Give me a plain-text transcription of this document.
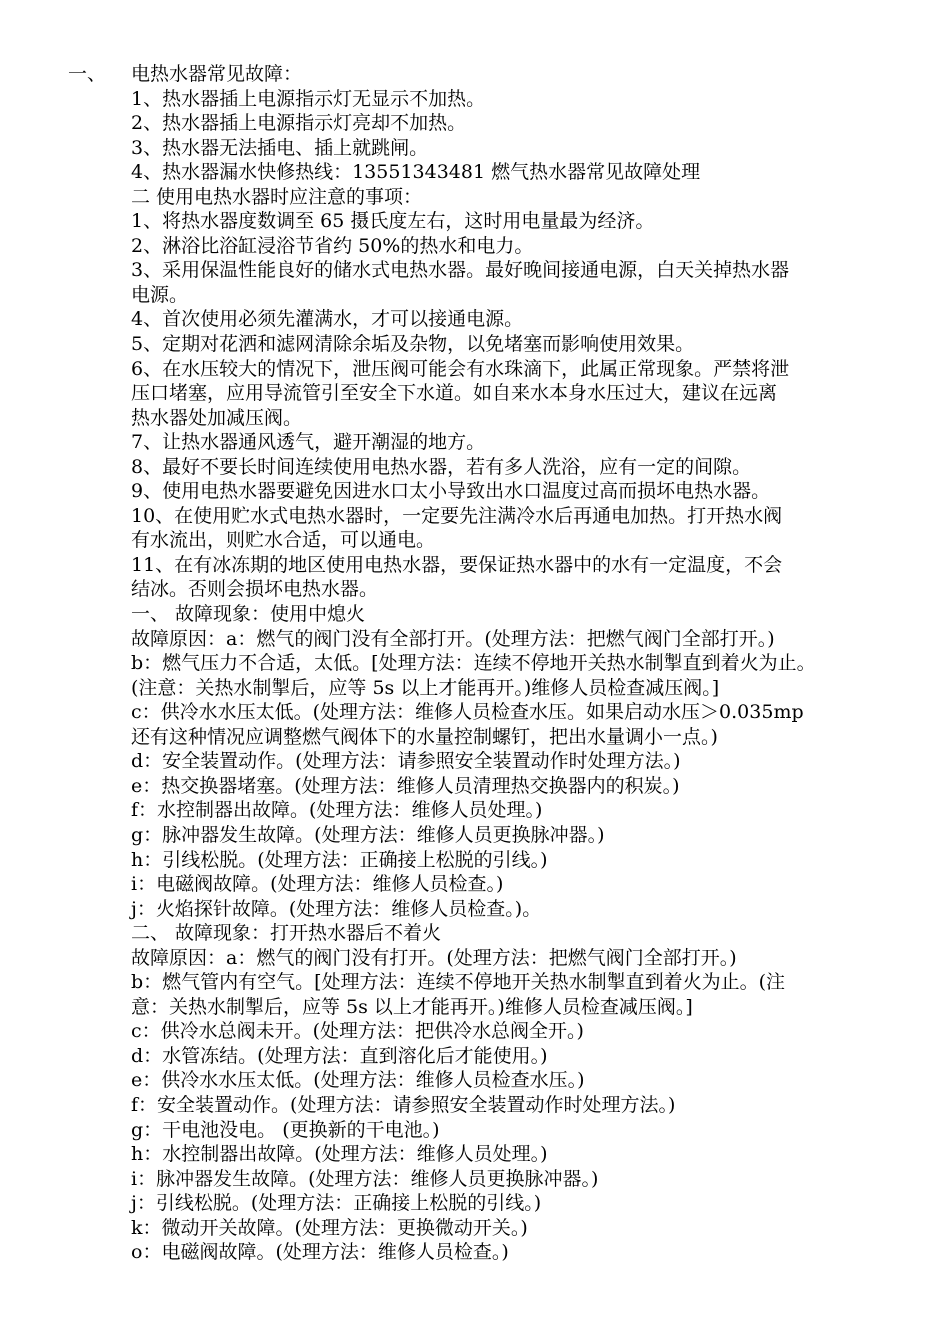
一、 电热水器常见故障：
1、热水器插上电源指示灯无显示不加热。
2、热水器插上电源指示灯亮却不加热。
3、热水器无法插电、插上就跳闸。
4、热水器漏水快修热线：13551343481 燃气热水器常见故障处理
二 使用电热水器时应注意的事项：
1、将热水器度数调至 65 摄氏度左右，这时用电量最为经济。
2、淋浴比浴缸浸浴节省约 50%的热水和电力。
3、采用保温性能良好的储水式电热水器。最好晚间接通电源，白天关掉热水器
电源。
4、首次使用必须先灌满水，才可以接通电源。
5、定期对花洒和滤网清除余垢及杂物，以免堵塞而影响使用效果。
6、在水压较大的情况下，泄压阀可能会有水珠滴下，此属正常现象。严禁将泄
压口堵塞，应用导流管引至安全下水道。如自来水本身水压过大，建议在远离
热水器处加减压阀。
7、让热水器通风透气，避开潮湿的地方。
8、最好不要长时间连续使用电热水器，若有多人洗浴，应有一定的间隙。
9、使用电热水器要避免因进水口太小导致出水口温度过高而损坏电热水器。
10、在使用贮水式电热水器时，一定要先注满冷水后再通电加热。打开热水阀
有水流出，则贮水合适，可以通电。
11、在有冰冻期的地区使用电热水器，要保证热水器中的水有一定温度，不会
结冰。否则会损坏电热水器。
一、 故障现象：使用中熄火
故障原因：a：燃气的阀门没有全部打开。(处理方法：把燃气阀门全部打开。)
b：燃气压力不合适，太低。[处理方法：连续不停地开关热水制掣直到着火为止。
(注意：关热水制掣后，应等 5s 以上才能再开。)维修人员检查减压阀。]
c：供冷水水压太低。(处理方法：维修人员检查水压。如果启动水压＞0.035mp
还有这种情况应调整燃气阀体下的水量控制螺钉，把出水量调小一点。)
d：安全装置动作。(处理方法：请参照安全装置动作时处理方法。)
e：热交换器堵塞。(处理方法：维修人员清理热交换器内的积炭。)
f：水控制器出故障。(处理方法：维修人员处理。)
g：脉冲器发生故障。(处理方法：维修人员更换脉冲器。)
h：引线松脱。(处理方法：正确接上松脱的引线。)
i：电磁阀故障。(处理方法：维修人员检查。)
j：火焰探针故障。(处理方法：维修人员检查。)。
二、 故障现象：打开热水器后不着火
故障原因：a：燃气的阀门没有打开。(处理方法：把燃气阀门全部打开。)
b：燃气管内有空气。[处理方法：连续不停地开关热水制掣直到着火为止。(注
意：关热水制掣后，应等 5s 以上才能再开。)维修人员检查减压阀。]
c：供冷水总阀未开。(处理方法：把供冷水总阀全开。)
d：水管冻结。(处理方法：直到溶化后才能使用。)
e：供冷水水压太低。(处理方法：维修人员检查水压。)
f：安全装置动作。(处理方法：请参照安全装置动作时处理方法。)
g：干电池没电。 (更换新的干电池。)
h：水控制器出故障。(处理方法：维修人员处理。)
i：脉冲器发生故障。(处理方法：维修人员更换脉冲器。)
j：引线松脱。(处理方法：正确接上松脱的引线。)
k：微动开关故障。(处理方法：更换微动开关。)
o：电磁阀故障。(处理方法：维修人员检查。)
